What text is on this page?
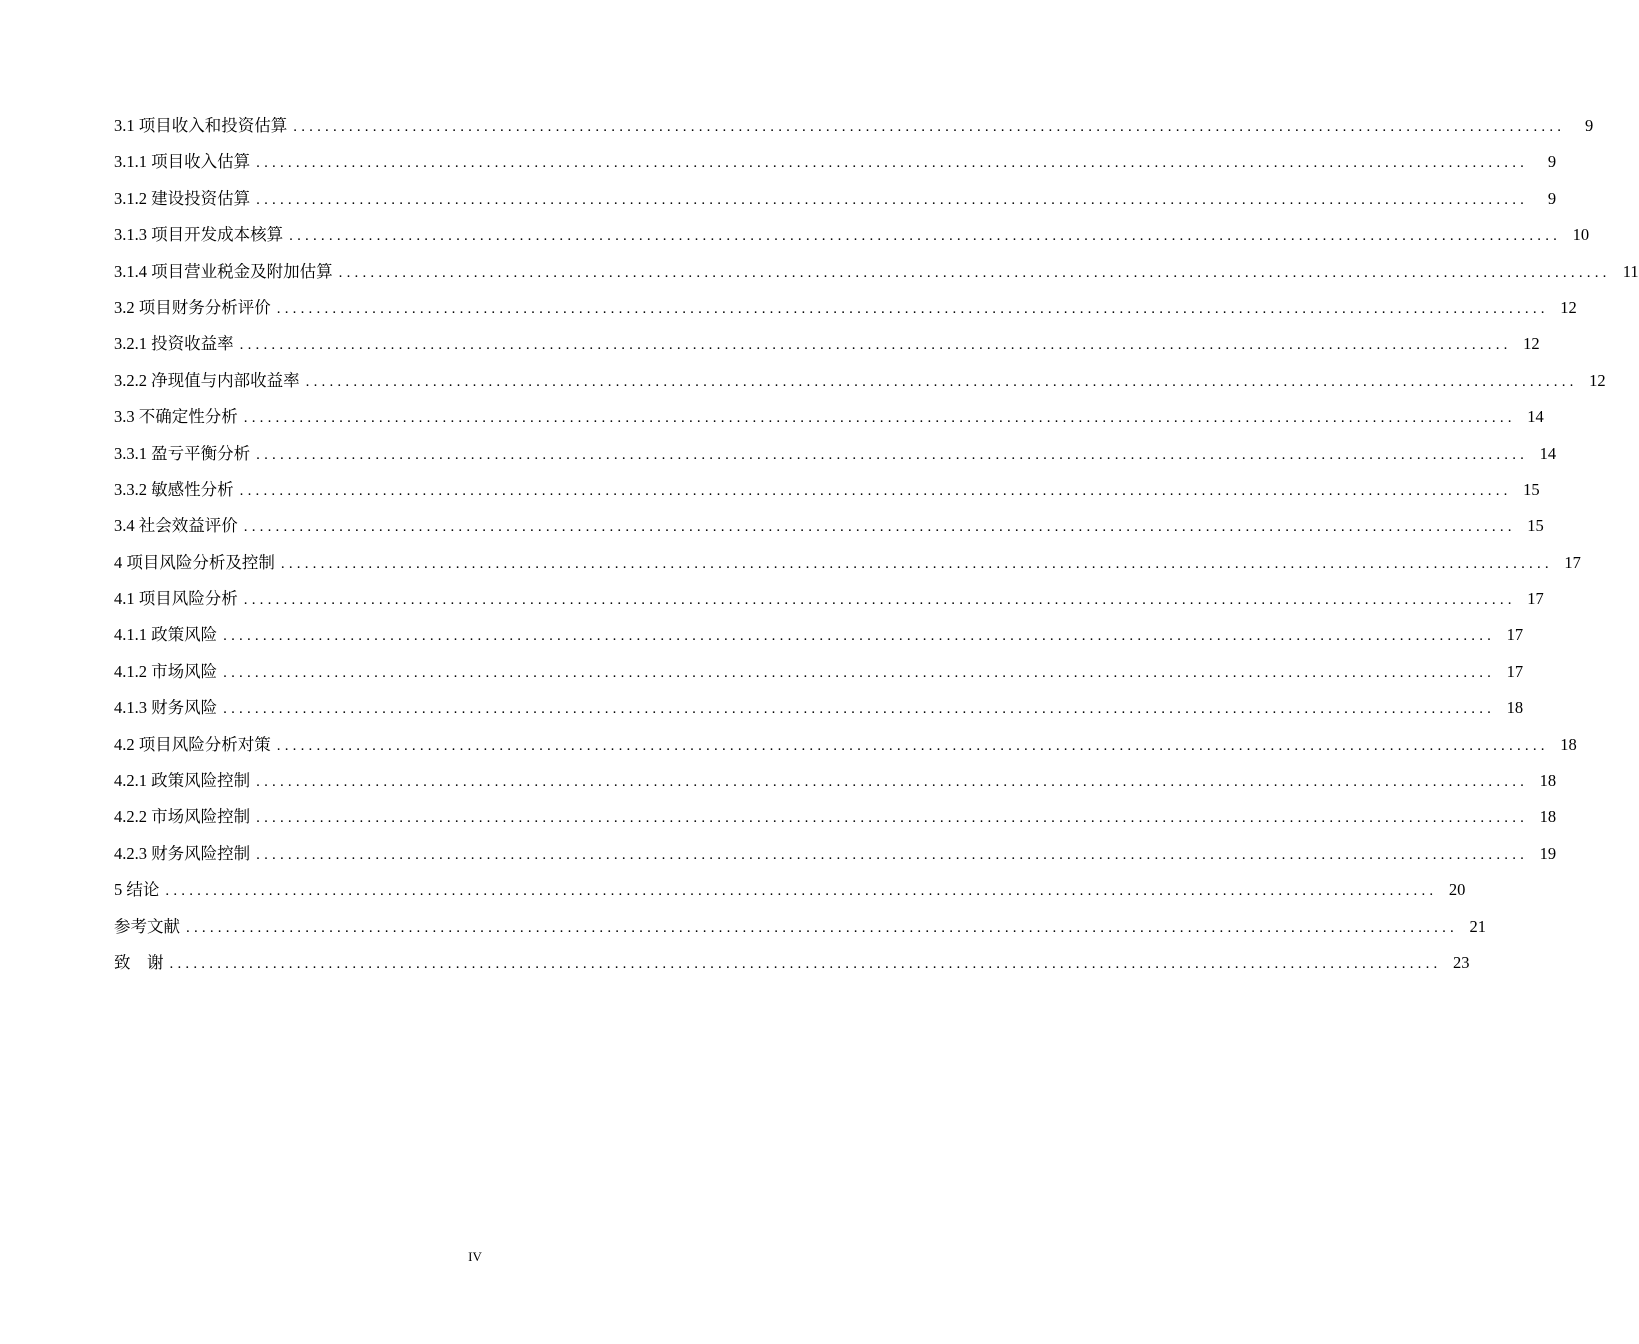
3.1 项目收入和投资估算 ................................................................................................................................................................	9
3.1.1 项目收入估算 ................................................................................................................................................................	9
3.1.2 建设投资估算 ................................................................................................................................................................	9
3.1.3 项目开发成本核算 ................................................................................................................................................................ 10
3.1.4 项目营业税金及附加估算 ................................................................................................................................................................ 11
3.2 项目财务分析评价 ................................................................................................................................................................ 12
3.2.1 投资收益率 ................................................................................................................................................................ 12
3.2.2 净现值与内部收益率 ................................................................................................................................................................ 12
3.3 不确定性分析 ................................................................................................................................................................ 14
3.3.1 盈亏平衡分析 ................................................................................................................................................................ 14
3.3.2 敏感性分析 ................................................................................................................................................................ 15
3.4 社会效益评价 ................................................................................................................................................................ 15
4 项目风险分析及控制 ................................................................................................................................................................ 17
4.1 项目风险分析 ................................................................................................................................................................ 17
4.1.1 政策风险 ................................................................................................................................................................ 17
4.1.2 市场风险 ................................................................................................................................................................ 17
4.1.3 财务风险 ................................................................................................................................................................ 18
4.2 项目风险分析对策 ................................................................................................................................................................ 18
4.2.1 政策风险控制 ................................................................................................................................................................ 18
4.2.2 市场风险控制 ................................................................................................................................................................ 18
4.2.3 财务风险控制 ................................................................................................................................................................ 19
5 结论 ................................................................................................................................................................ 20
参考文献 ................................................................................................................................................................ 21
致　谢 ................................................................................................................................................................ 23
IV
